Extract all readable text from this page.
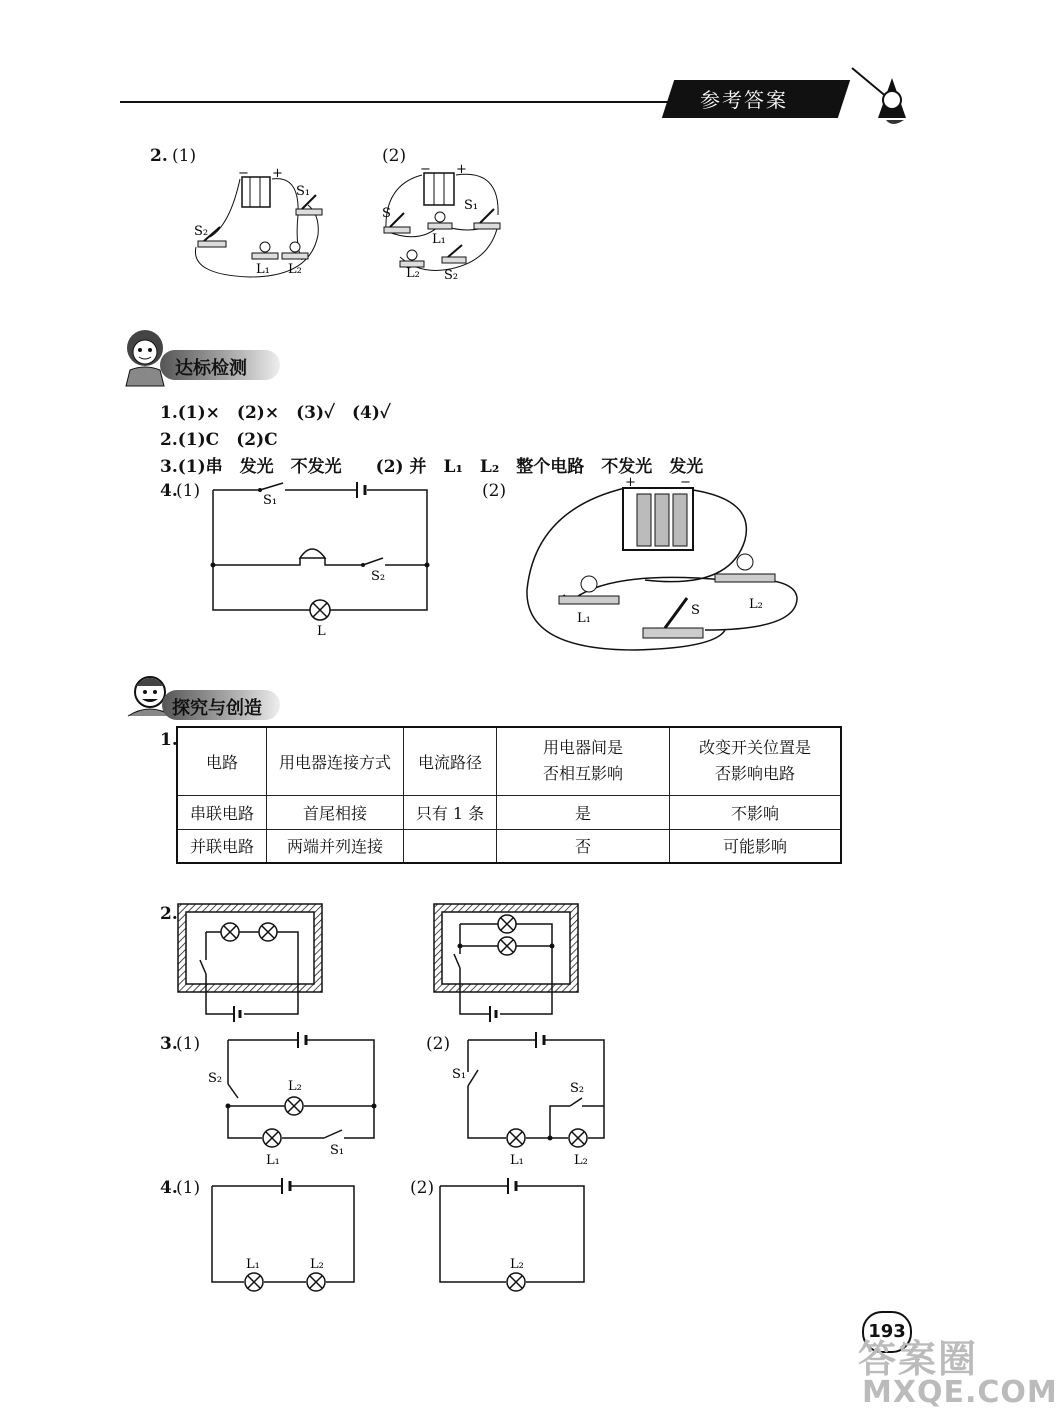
参考答案
2. (1)	(2)
− +
S₁
S₂
L₁ L₂
− +
S₁
S
L₁
L₂ S₂
达标检测
1.(1)×　(2)×　(3)✓　(4)✓
2.(1)C　(2)C
3.(1)串　发光　不发光　　(2) 并　L₁　L₂　整个电路　不发光　发光
4.
(1)	(2)
S₁
S₂
L
+	−
L₁
L₂
S
探究与创造
1.
电路	用电器连接方式	电流路径	用电器间是
否相互影响	改变开关位置是
否影响电路
串联电路	首尾相接	只有 1 条	是	不影响
并联电路	两端并列连接		否	可能影响
2.
3.
(1)	(2)
S₂
L₂
L₁
S₁
S₁
S₂
L₁	L₂
4.
(1)	(2)
L₁	L₂	L₂
193
答案圈
MXQE.COM
